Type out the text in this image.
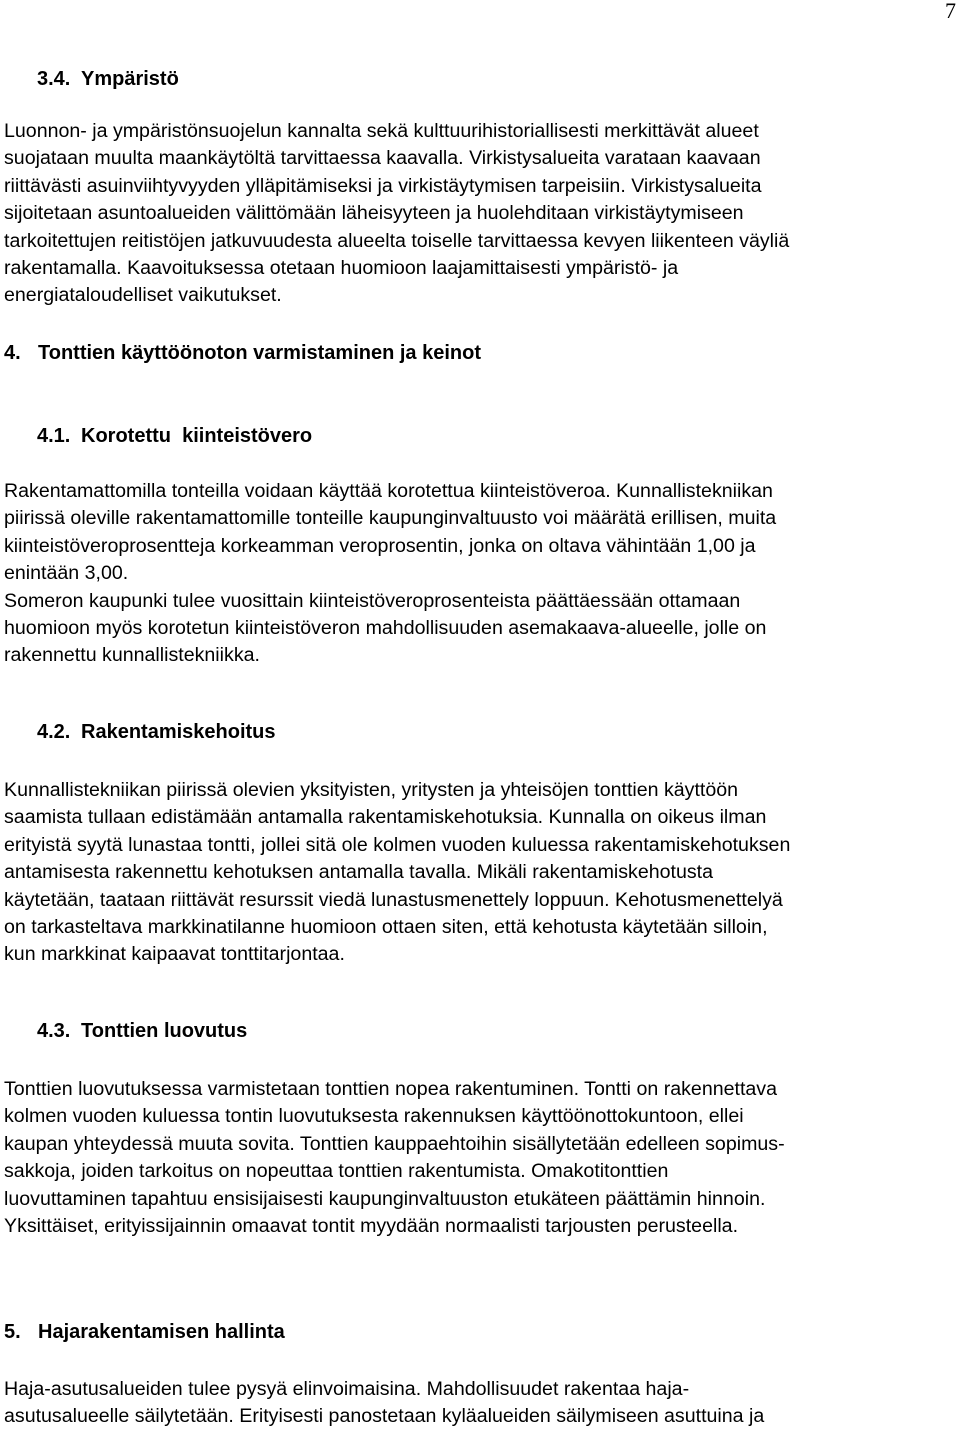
7
3.4. Ympäristö
Luonnon- ja ympäristönsuojelun kannalta sekä kulttuurihistoriallisesti merkittävät alueet
suojataan muulta maankäytöltä tarvittaessa kaavalla. Virkistysalueita varataan kaavaan
riittävästi asuinviihtyvyyden ylläpitämiseksi ja virkistäytymisen tarpeisiin. Virkistysalueita
sijoitetaan asuntoalueiden välittömään läheisyyteen ja huolehditaan virkistäytymiseen
tarkoitettujen reitistöjen jatkuvuudesta alueelta toiselle tarvittaessa kevyen liikenteen väyliä
rakentamalla. Kaavoituksessa otetaan huomioon laajamittaisesti ympäristö- ja
energiataloudelliset vaikutukset.
4. Tonttien käyttöönoton varmistaminen ja keinot
4.1. Korotettu  kiinteistövero
Rakentamattomilla tonteilla voidaan käyttää korotettua kiinteistöveroa. Kunnallistekniikan
piirissä oleville rakentamattomille tonteille kaupunginvaltuusto voi määrätä erillisen, muita
kiinteistöveroprosentteja korkeamman veroprosentin, jonka on oltava vähintään 1,00 ja
enintään 3,00.
Someron kaupunki tulee vuosittain kiinteistöveroprosenteista päättäessään ottamaan
huomioon myös korotetun kiinteistöveron mahdollisuuden asemakaava-alueelle, jolle on
rakennettu kunnallistekniikka.
4.2. Rakentamiskehoitus
Kunnallistekniikan piirissä olevien yksityisten, yritysten ja yhteisöjen tonttien käyttöön
saamista tullaan edistämään antamalla rakentamiskehotuksia. Kunnalla on oikeus ilman
erityistä syytä lunastaa tontti, jollei sitä ole kolmen vuoden kuluessa rakentamiskehotuksen
antamisesta rakennettu kehotuksen antamalla tavalla. Mikäli rakentamiskehotusta
käytetään, taataan riittävät resurssit viedä lunastusmenettely loppuun. Kehotusmenettelyä
on tarkasteltava markkinatilanne huomioon ottaen siten, että kehotusta käytetään silloin,
kun markkinat kaipaavat tonttitarjontaa.
4.3. Tonttien luovutus
Tonttien luovutuksessa varmistetaan tonttien nopea rakentuminen. Tontti on rakennettava
kolmen vuoden kuluessa tontin luovutuksesta rakennuksen käyttöönottokuntoon, ellei
kaupan yhteydessä muuta sovita. Tonttien kauppaehtoihin sisällytetään edelleen sopimus-
sakkoja, joiden tarkoitus on nopeuttaa tonttien rakentumista. Omakotitonttien
luovuttaminen tapahtuu ensisijaisesti kaupunginvaltuuston etukäteen päättämin hinnoin.
Yksittäiset, erityissijainnin omaavat tontit myydään normaalisti tarjousten perusteella.
5. Hajarakentamisen hallinta
Haja-asutusalueiden tulee pysyä elinvoimaisina. Mahdollisuudet rakentaa haja-
asutusalueelle säilytetään. Erityisesti panostetaan kyläalueiden säilymiseen asuttuina ja
